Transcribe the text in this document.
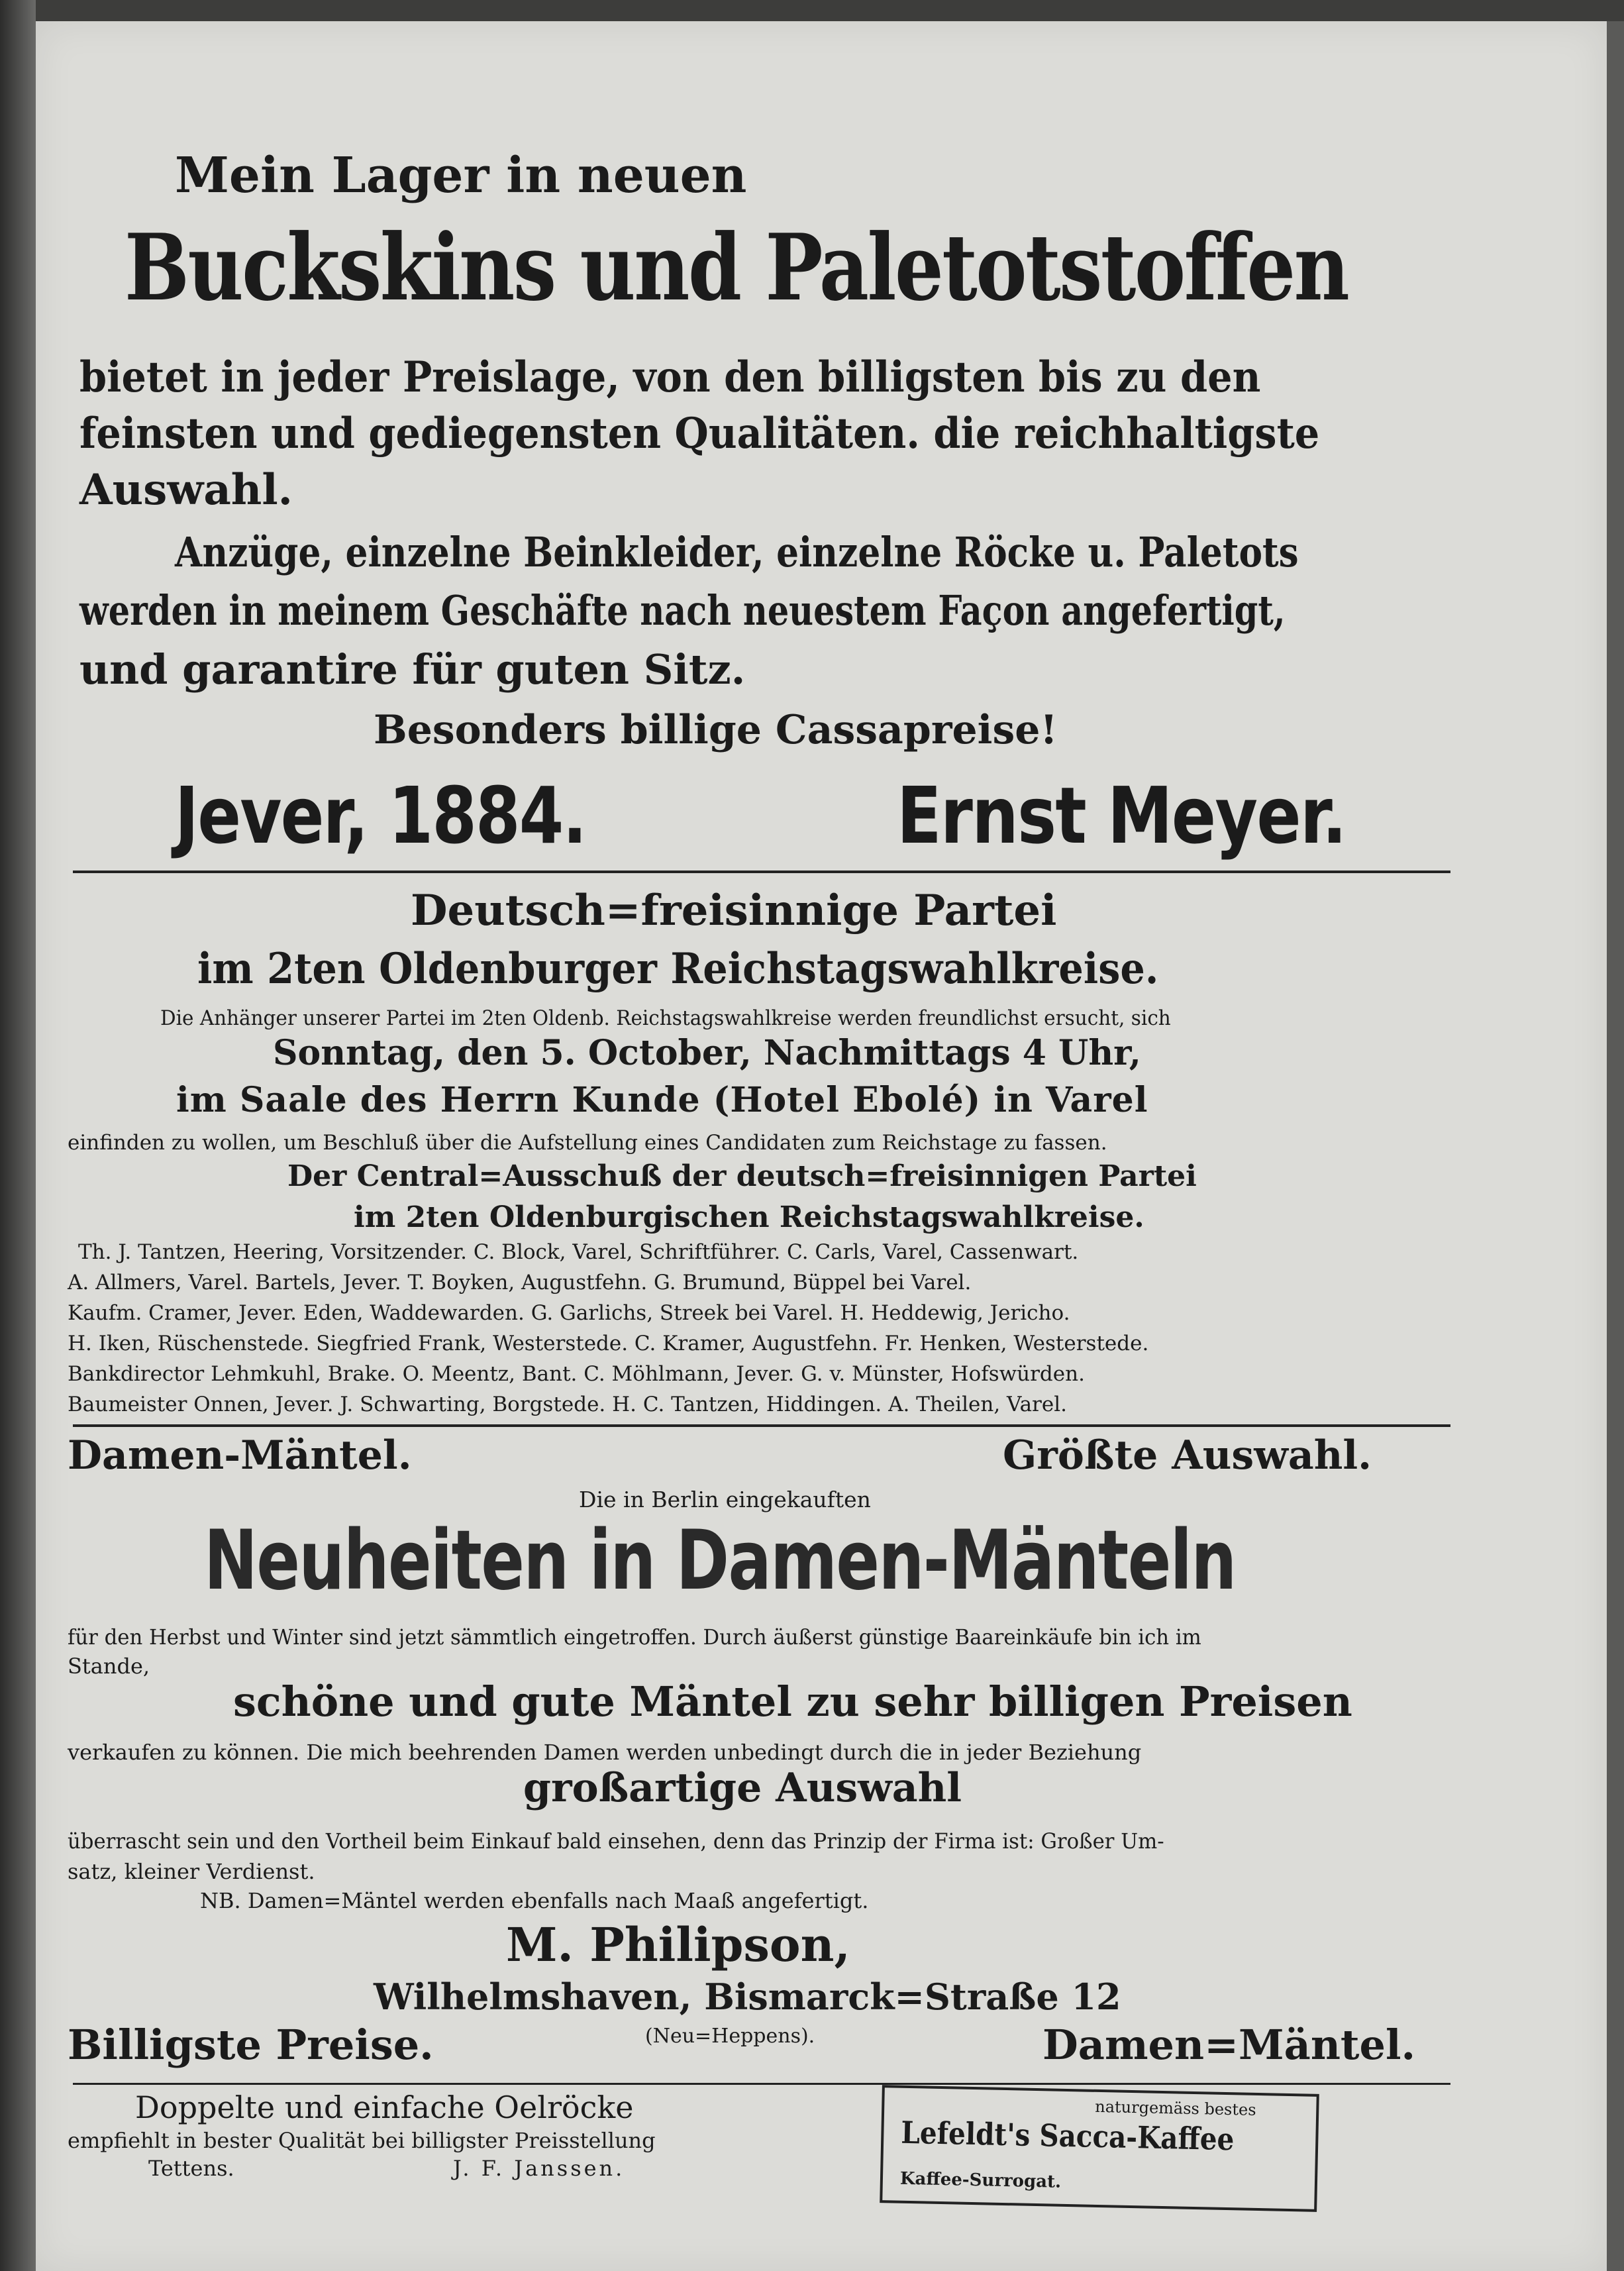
Mein Lager in neuen

Buckskins und Paletotstoffen

bietet in jeder Preislage, von den billigsten bis zu den

feinsten und gediegensten Qualitäten. die reichhaltigste

Auswahl.

Anzüge, einzelne Beinkleider, einzelne Röcke u. Paletots

werden in meinem Geschäfte nach neuestem Façon angefertigt,

und garantire für guten Sitz.

Besonders billige Cassapreise!

Jever, 1884.	Ernst Meyer.

Deutsch=freisinnige Partei

im 2ten Oldenburger Reichstagswahlkreise.

Die Anhänger unserer Partei im 2ten Oldenb. Reichstagswahlkreise werden freundlichst ersucht, sich

Sonntag, den 5. October, Nachmittags 4 Uhr,

im Saale des Herrn Kunde (Hotel Ebolé) in Varel

einfinden zu wollen, um Beschluß über die Aufstellung eines Candidaten zum Reichstage zu fassen.

Der Central=Ausschuß der deutsch=freisinnigen Partei

im 2ten Oldenburgischen Reichstagswahlkreise.

Th. J. Tantzen, Heering, Vorsitzender. C. Block, Varel, Schriftführer. C. Carls, Varel, Cassenwart.

A. Allmers, Varel. Bartels, Jever. T. Boyken, Augustfehn. G. Brumund, Büppel bei Varel.

Kaufm. Cramer, Jever. Eden, Waddewarden. G. Garlichs, Streek bei Varel. H. Heddewig, Jericho.

H. Iken, Rüschenstede. Siegfried Frank, Westerstede. C. Kramer, Augustfehn. Fr. Henken, Westerstede.

Bankdirector Lehmkuhl, Brake. O. Meentz, Bant. C. Möhlmann, Jever. G. v. Münster, Hofswürden.

Baumeister Onnen, Jever. J. Schwarting, Borgstede. H. C. Tantzen, Hiddingen. A. Theilen, Varel.

Damen-Mäntel.	Größte Auswahl.

Die in Berlin eingekauften

Neuheiten in Damen-Mänteln

für den Herbst und Winter sind jetzt sämmtlich eingetroffen. Durch äußerst günstige Baareinkäufe bin ich im

Stande,

schöne und gute Mäntel zu sehr billigen Preisen

verkaufen zu können. Die mich beehrenden Damen werden unbedingt durch die in jeder Beziehung

großartige Auswahl

überrascht sein und den Vortheil beim Einkauf bald einsehen, denn das Prinzip der Firma ist: Großer Um-

satz, kleiner Verdienst.

NB. Damen=Mäntel werden ebenfalls nach Maaß angefertigt.

M. Philipson,

Wilhelmshaven, Bismarck=Straße 12

(Neu=Heppens).

Billigste Preise.	Damen=Mäntel.

Doppelte und einfache Oelröcke

empfiehlt in bester Qualität bei billigster Preisstellung

Tettens.	J. F. Janssen.

naturgemäss bestes

Lefeldt's Sacca-Kaffee

Kaffee-Surrogat.
